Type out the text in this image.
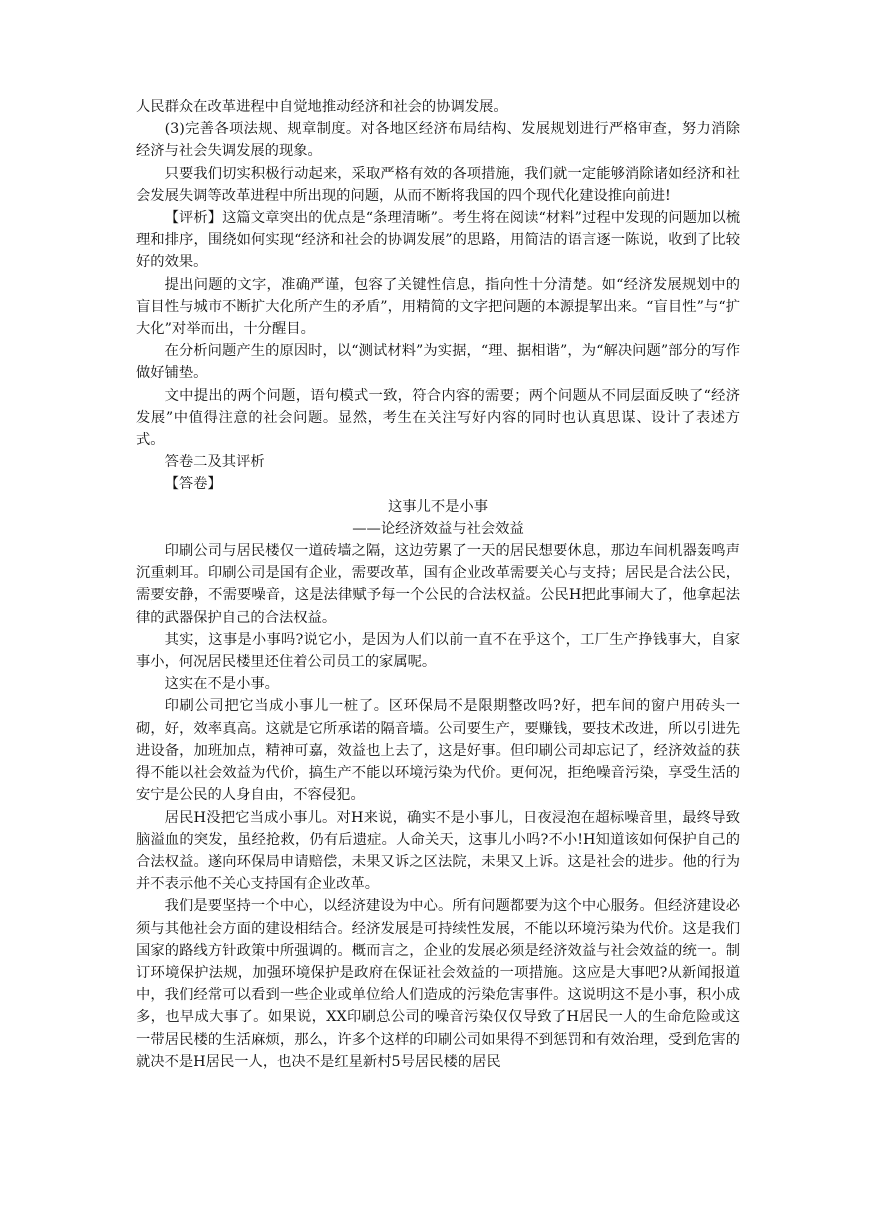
人民群众在改革进程中自觉地推动经济和社会的协调发展。

(3)完善各项法规、规章制度。对各地区经济布局结构、发展规划进行严格审查，努力消除经济与社会失调发展的现象。

只要我们切实积极行动起来，采取严格有效的各项措施，我们就一定能够消除诸如经济和社会发展失调等改革进程中所出现的问题，从而不断将我国的四个现代化建设推向前进!

【评析】这篇文章突出的优点是“条理清晰”。考生将在阅读“材料”过程中发现的问题加以梳理和排序，围绕如何实现“经济和社会的协调发展”的思路，用简洁的语言逐一陈说，收到了比较好的效果。

提出问题的文字，准确严谨，包容了关键性信息，指向性十分清楚。如“经济发展规划中的盲目性与城市不断扩大化所产生的矛盾”，用精简的文字把问题的本源提挈出来。“盲目性”与“扩大化”对举而出，十分醒目。

在分析问题产生的原因时，以“测试材料”为实据，“理、据相谐”，为“解决问题”部分的写作做好铺垫。

文中提出的两个问题，语句模式一致，符合内容的需要；两个问题从不同层面反映了“经济发展”中值得注意的社会问题。显然，考生在关注写好内容的同时也认真思谋、设计了表述方式。

答卷二及其评析

【答卷】

这事儿不是小事

——论经济效益与社会效益

印刷公司与居民楼仅一道砖墙之隔，这边劳累了一天的居民想要休息，那边车间机器轰鸣声沉重刺耳。印刷公司是国有企业，需要改革，国有企业改革需要关心与支持；居民是合法公民，需要安静，不需要噪音，这是法律赋予每一个公民的合法权益。公民H把此事闹大了，他拿起法律的武器保护自己的合法权益。

其实，这事是小事吗?说它小，是因为人们以前一直不在乎这个，工厂生产挣钱事大，自家事小，何况居民楼里还住着公司员工的家属呢。

这实在不是小事。

印刷公司把它当成小事儿一桩了。区环保局不是限期整改吗?好，把车间的窗户用砖头一砌，好，效率真高。这就是它所承诺的隔音墙。公司要生产，要赚钱，要技术改进，所以引进先进设备，加班加点，精神可嘉，效益也上去了，这是好事。但印刷公司却忘记了，经济效益的获得不能以社会效益为代价，搞生产不能以环境污染为代价。更何况，拒绝噪音污染，享受生活的安宁是公民的人身自由，不容侵犯。

居民H没把它当成小事儿。对H来说，确实不是小事儿，日夜浸泡在超标噪音里，最终导致脑溢血的突发，虽经抢救，仍有后遗症。人命关天，这事儿小吗?不小!H知道该如何保护自己的合法权益。遂向环保局申请赔偿，未果又诉之区法院，未果又上诉。这是社会的进步。他的行为并不表示他不关心支持国有企业改革。

我们是要坚持一个中心，以经济建设为中心。所有问题都要为这个中心服务。但经济建设必须与其他社会方面的建设相结合。经济发展是可持续性发展，不能以环境污染为代价。这是我们国家的路线方针政策中所强调的。概而言之，企业的发展必须是经济效益与社会效益的统一。制订环境保护法规，加强环境保护是政府在保证社会效益的一项措施。这应是大事吧?从新闻报道中，我们经常可以看到一些企业或单位给人们造成的污染危害事件。这说明这不是小事，积小成多，也早成大事了。如果说，XX印刷总公司的噪音污染仅仅导致了H居民一人的生命危险或这一带居民楼的生活麻烦，那么，许多个这样的印刷公司如果得不到惩罚和有效治理，受到危害的就决不是H居民一人，也决不是红星新村5号居民楼的居民
